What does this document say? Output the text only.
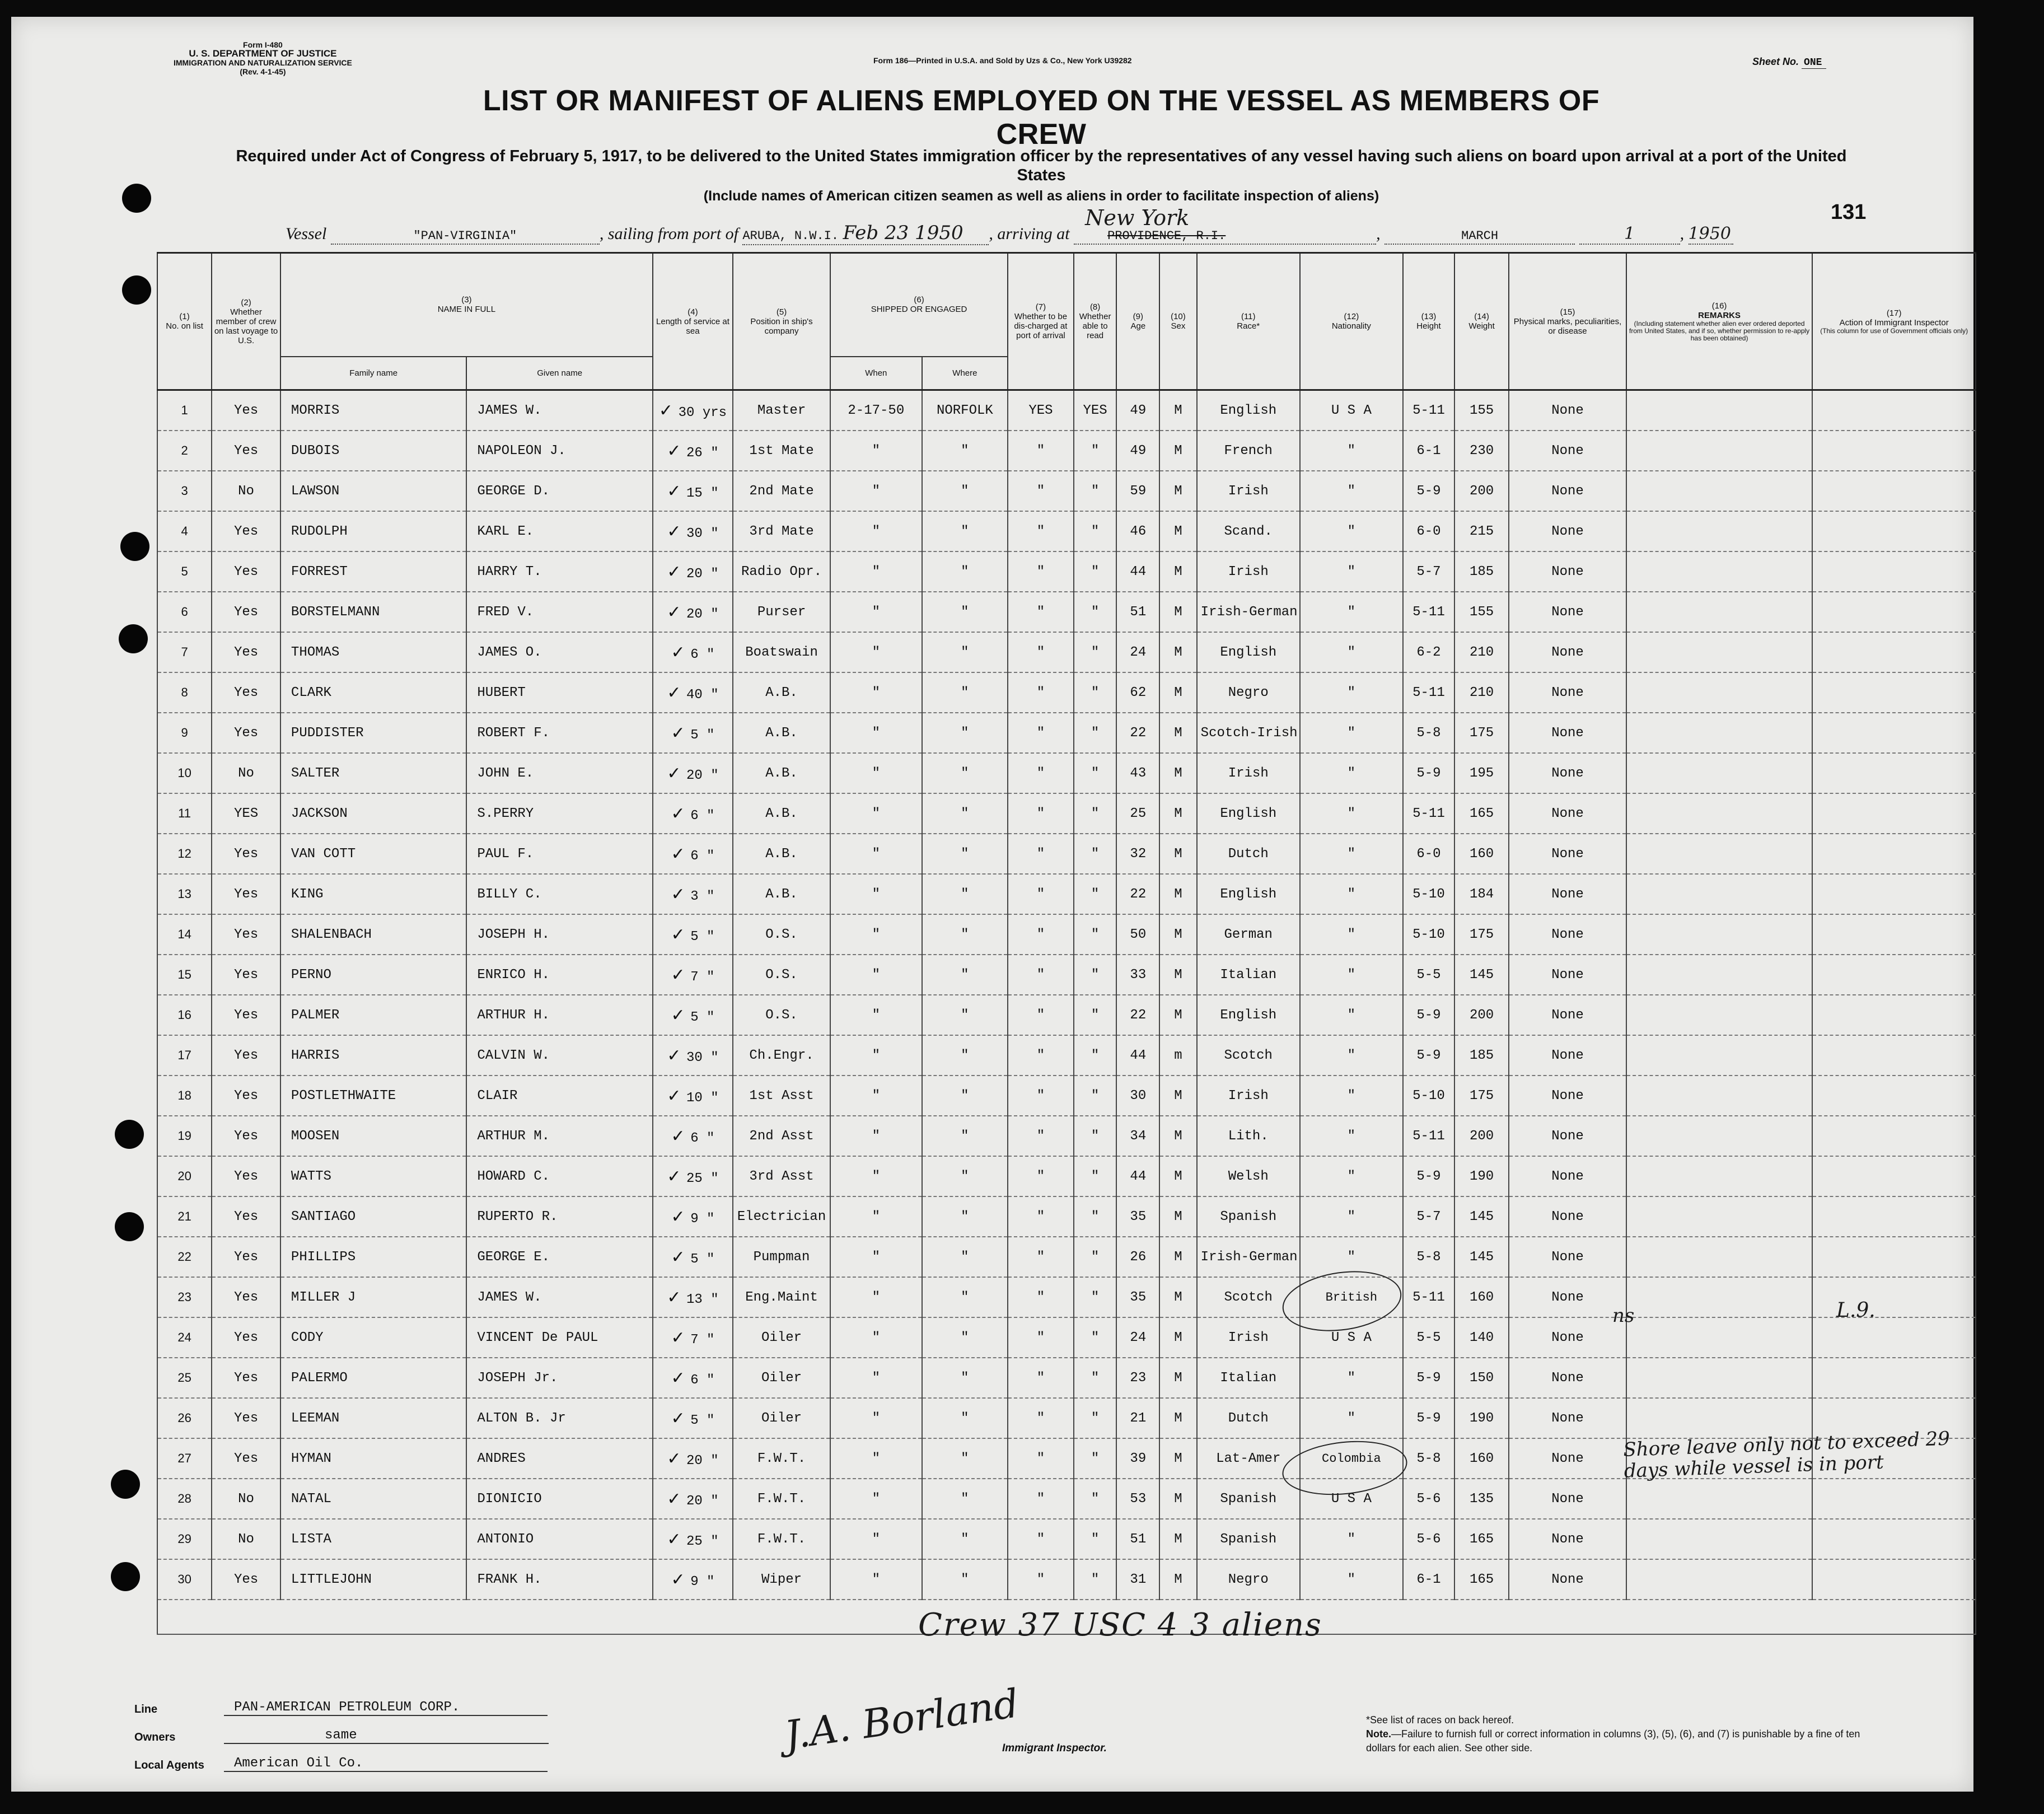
Form I-480
U. S. DEPARTMENT OF JUSTICE
IMMIGRATION AND NATURALIZATION SERVICE
(Rev. 4-1-45)
Form 186—Printed in U.S.A. and Sold by Uzs & Co., New York U39282	Sheet No. ONE
LIST OR MANIFEST OF ALIENS EMPLOYED ON THE VESSEL AS MEMBERS OF CREW
Required under Act of Congress of February 5, 1917, to be delivered to the United States immigration officer by the representatives of any vessel having such aliens on board upon arrival at a port of the United States
(Include names of American citizen seamen as well as aliens in order to facilitate inspection of aliens)
131
Vessel	"PAN-VIRGINIA"	, sailing from port of ARUBA, N.W.I. Feb 23 1950 , arriving at
New York
PROVIDENCE, R.I.	,	MARCH	1	, 1950
(1)
No. on list	(2)
Whether member of crew on last voyage to U.S.	(3)
NAME IN FULL		(4)
Length of service at sea	(5)
Position in ship's company	(6)
SHIPPED OR ENGAGED		(7)
Whether to be dis-charged at port of arrival	(8)
Whether able to read	(9)
Age	(10)
Sex	(11)
Race*	(12)
Nationality	(13)
Height	(14)
Weight	(15)
Physical marks, peculiarities, or disease	(16)
REMARKS
(Including statement whether alien ever ordered deported from United States, and if so, whether permission to re-apply has been obtained)	(17)
Action of Immigrant Inspector
(This column for use of Government officials only)

		Family name	Given name			When	Where											
1	Yes	MORRIS	JAMES W.	✓ 30 yrs	Master	2-17-50	NORFOLK	YES	YES	49	M	English	U S A	5-11	155	None		
2	Yes	DUBOIS	NAPOLEON J.	✓ 26 "	1st Mate	"	"	"	"	49	M	French	"	6-1	230	None		
3	No	LAWSON	GEORGE D.	✓ 15 "	2nd Mate	"	"	"	"	59	M	Irish	"	5-9	200	None		
4	Yes	RUDOLPH	KARL E.	✓ 30 "	3rd Mate	"	"	"	"	46	M	Scand.	"	6-0	215	None		
5	Yes	FORREST	HARRY T.	✓ 20 "	Radio Opr.	"	"	"	"	44	M	Irish	"	5-7	185	None		
6	Yes	BORSTELMANN	FRED V.	✓ 20 "	Purser	"	"	"	"	51	M	Irish-German	"	5-11	155	None		
7	Yes	THOMAS	JAMES O.	✓ 6 "	Boatswain	"	"	"	"	24	M	English	"	6-2	210	None		
8	Yes	CLARK	HUBERT	✓ 40 "	A.B.	"	"	"	"	62	M	Negro	"	5-11	210	None		
9	Yes	PUDDISTER	ROBERT F.	✓ 5 "	A.B.	"	"	"	"	22	M	Scotch-Irish	"	5-8	175	None		
10	No	SALTER	JOHN E.	✓ 20 "	A.B.	"	"	"	"	43	M	Irish	"	5-9	195	None		
11	YES	JACKSON	S.PERRY	✓ 6 "	A.B.	"	"	"	"	25	M	English	"	5-11	165	None		
12	Yes	VAN COTT	PAUL F.	✓ 6 "	A.B.	"	"	"	"	32	M	Dutch	"	6-0	160	None		
13	Yes	KING	BILLY C.	✓ 3 "	A.B.	"	"	"	"	22	M	English	"	5-10	184	None		
14	Yes	SHALENBACH	JOSEPH H.	✓ 5 "	O.S.	"	"	"	"	50	M	German	"	5-10	175	None		
15	Yes	PERNO	ENRICO H.	✓ 7 "	O.S.	"	"	"	"	33	M	Italian	"	5-5	145	None		
16	Yes	PALMER	ARTHUR H.	✓ 5 "	O.S.	"	"	"	"	22	M	English	"	5-9	200	None		
17	Yes	HARRIS	CALVIN W.	✓ 30 "	Ch.Engr.	"	"	"	"	44	m	Scotch	"	5-9	185	None		
18	Yes	POSTLETHWAITE	CLAIR	✓ 10 "	1st Asst	"	"	"	"	30	M	Irish	"	5-10	175	None		
19	Yes	MOOSEN	ARTHUR M.	✓ 6 "	2nd Asst	"	"	"	"	34	M	Lith.	"	5-11	200	None		
20	Yes	WATTS	HOWARD C.	✓ 25 "	3rd Asst	"	"	"	"	44	M	Welsh	"	5-9	190	None		
21	Yes	SANTIAGO	RUPERTO R.	✓ 9 "	Electrician	"	"	"	"	35	M	Spanish	"	5-7	145	None		
22	Yes	PHILLIPS	GEORGE E.	✓ 5 "	Pumpman	"	"	"	"	26	M	Irish-German	"	5-8	145	None		
23	Yes	MILLER J	JAMES W.	✓ 13 "	Eng.Maint	"	"	"	"	35	M	Scotch	British	5-11	160	None		
24	Yes	CODY	VINCENT De PAUL	✓ 7 "	Oiler	"	"	"	"	24	M	Irish	U S A	5-5	140	None		
25	Yes	PALERMO	JOSEPH Jr.	✓ 6 "	Oiler	"	"	"	"	23	M	Italian	"	5-9	150	None		
26	Yes	LEEMAN	ALTON B. Jr	✓ 5 "	Oiler	"	"	"	"	21	M	Dutch	"	5-9	190	None		
27	Yes	HYMAN	ANDRES	✓ 20 "	F.W.T.	"	"	"	"	39	M	Lat-Amer	Colombia	5-8	160	None		
28	No	NATAL	DIONICIO	✓ 20 "	F.W.T.	"	"	"	"	53	M	Spanish	U S A	5-6	135	None		
29	No	LISTA	ANTONIO	✓ 25 "	F.W.T.	"	"	"	"	51	M	Spanish	"	5-6	165	None		
30	Yes	LITTLEJOHN	FRANK H.	✓ 9 "	Wiper	"	"	"	"	31	M	Negro	"	6-1	165	None		

ns	L.9.
Shore leave only not to exceed 29 days while vessel is in port
Crew 37 USC 4 3 aliens
Line	PAN-AMERICAN PETROLEUM CORP.
Owners	same
Local Agents	American Oil Co.
J.A. Borland
Immigrant Inspector.
*See list of races on back hereof.
Note.—Failure to furnish full or correct information in columns (3), (5), (6), and (7) is punishable by a fine of ten dollars for each alien. See other side.
